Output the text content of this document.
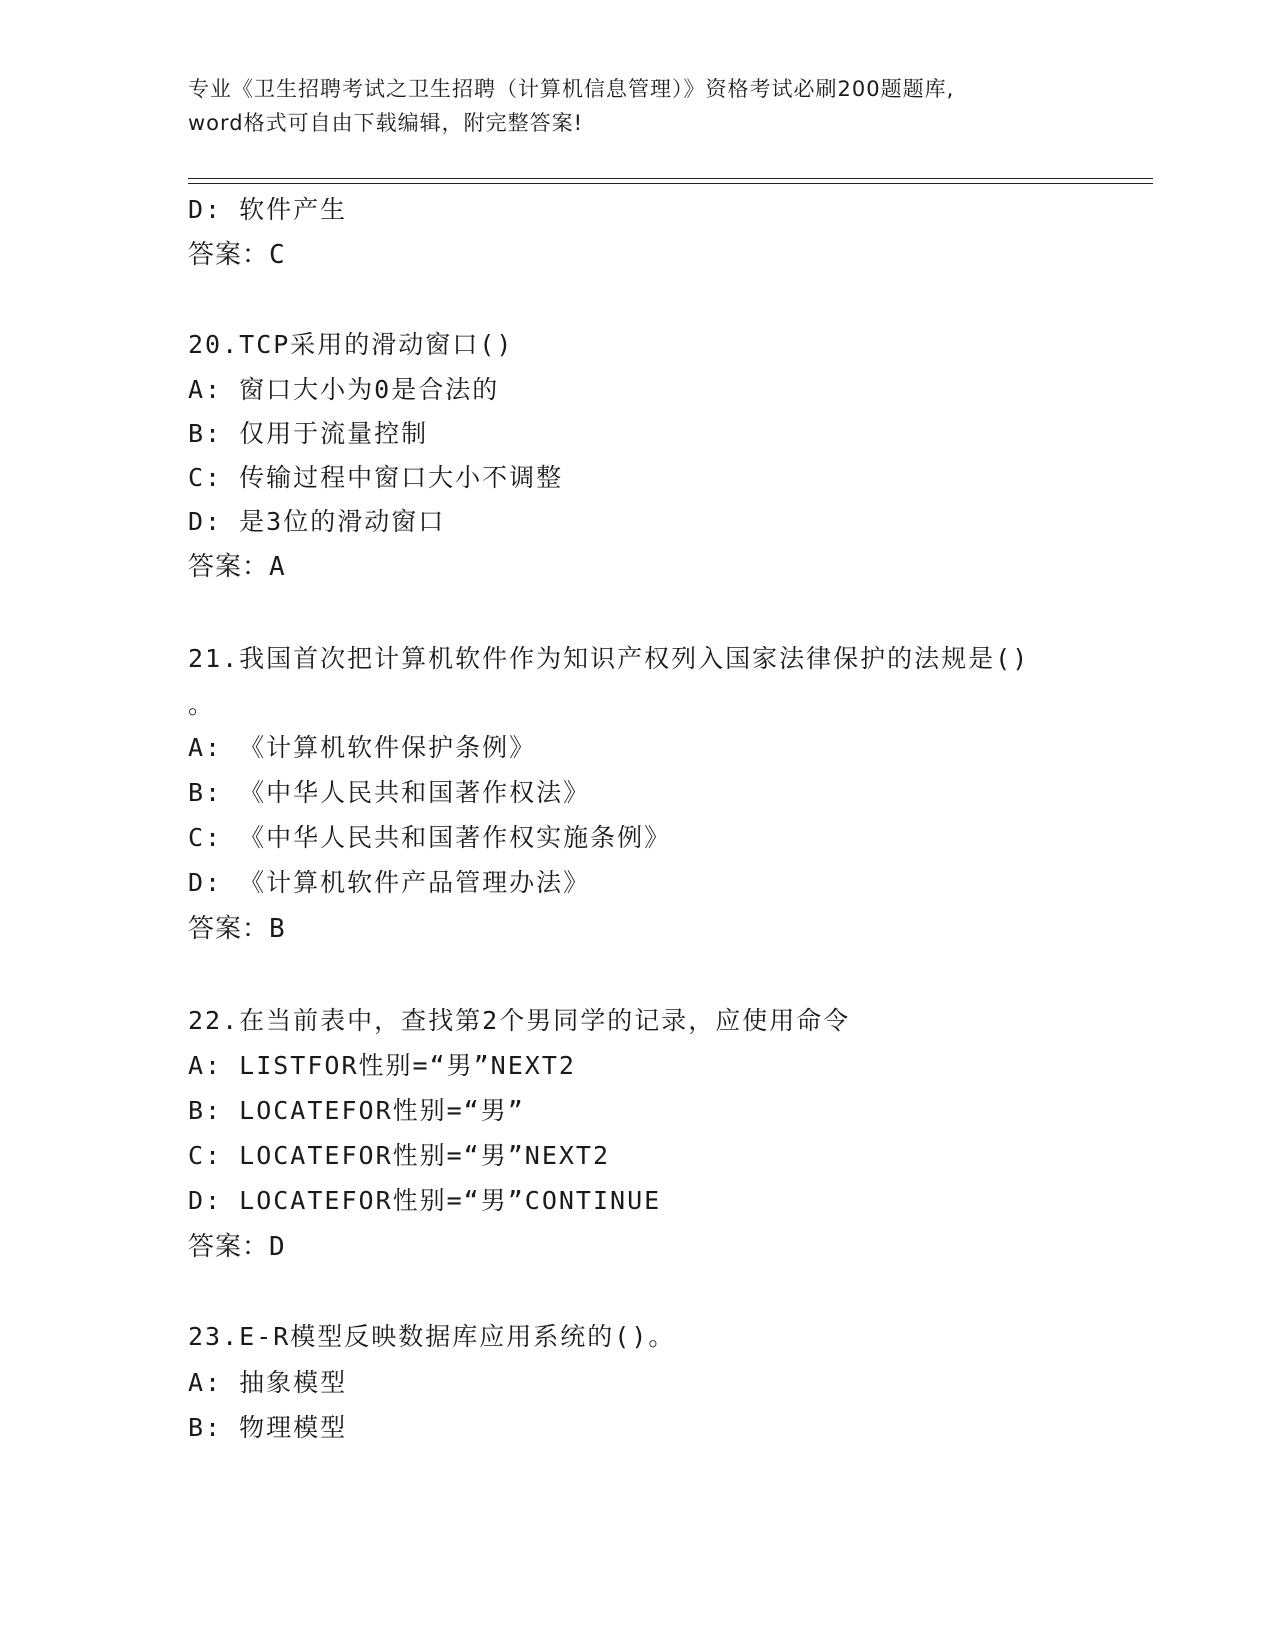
专业《卫生招聘考试之卫生招聘（计算机信息管理）》资格考试必刷200题题库,
word格式可自由下载编辑，附完整答案!
D: 软件产生
答案：C
20.TCP采用的滑动窗口()
A: 窗口大小为0是合法的
B: 仅用于流量控制
C: 传输过程中窗口大小不调整
D: 是3位的滑动窗口
答案：A
21.我国首次把计算机软件作为知识产权列入国家法律保护的法规是()
。
A: 《计算机软件保护条例》
B: 《中华人民共和国著作权法》
C: 《中华人民共和国著作权实施条例》
D: 《计算机软件产品管理办法》
答案：B
22.在当前表中，查找第2个男同学的记录，应使用命令
A: LISTFOR性别=“男”NEXT2
B: LOCATEFOR性别=“男”
C: LOCATEFOR性别=“男”NEXT2
D: LOCATEFOR性别=“男”CONTINUE
答案：D
23.E-R模型反映数据库应用系统的()。
A: 抽象模型
B: 物理模型
